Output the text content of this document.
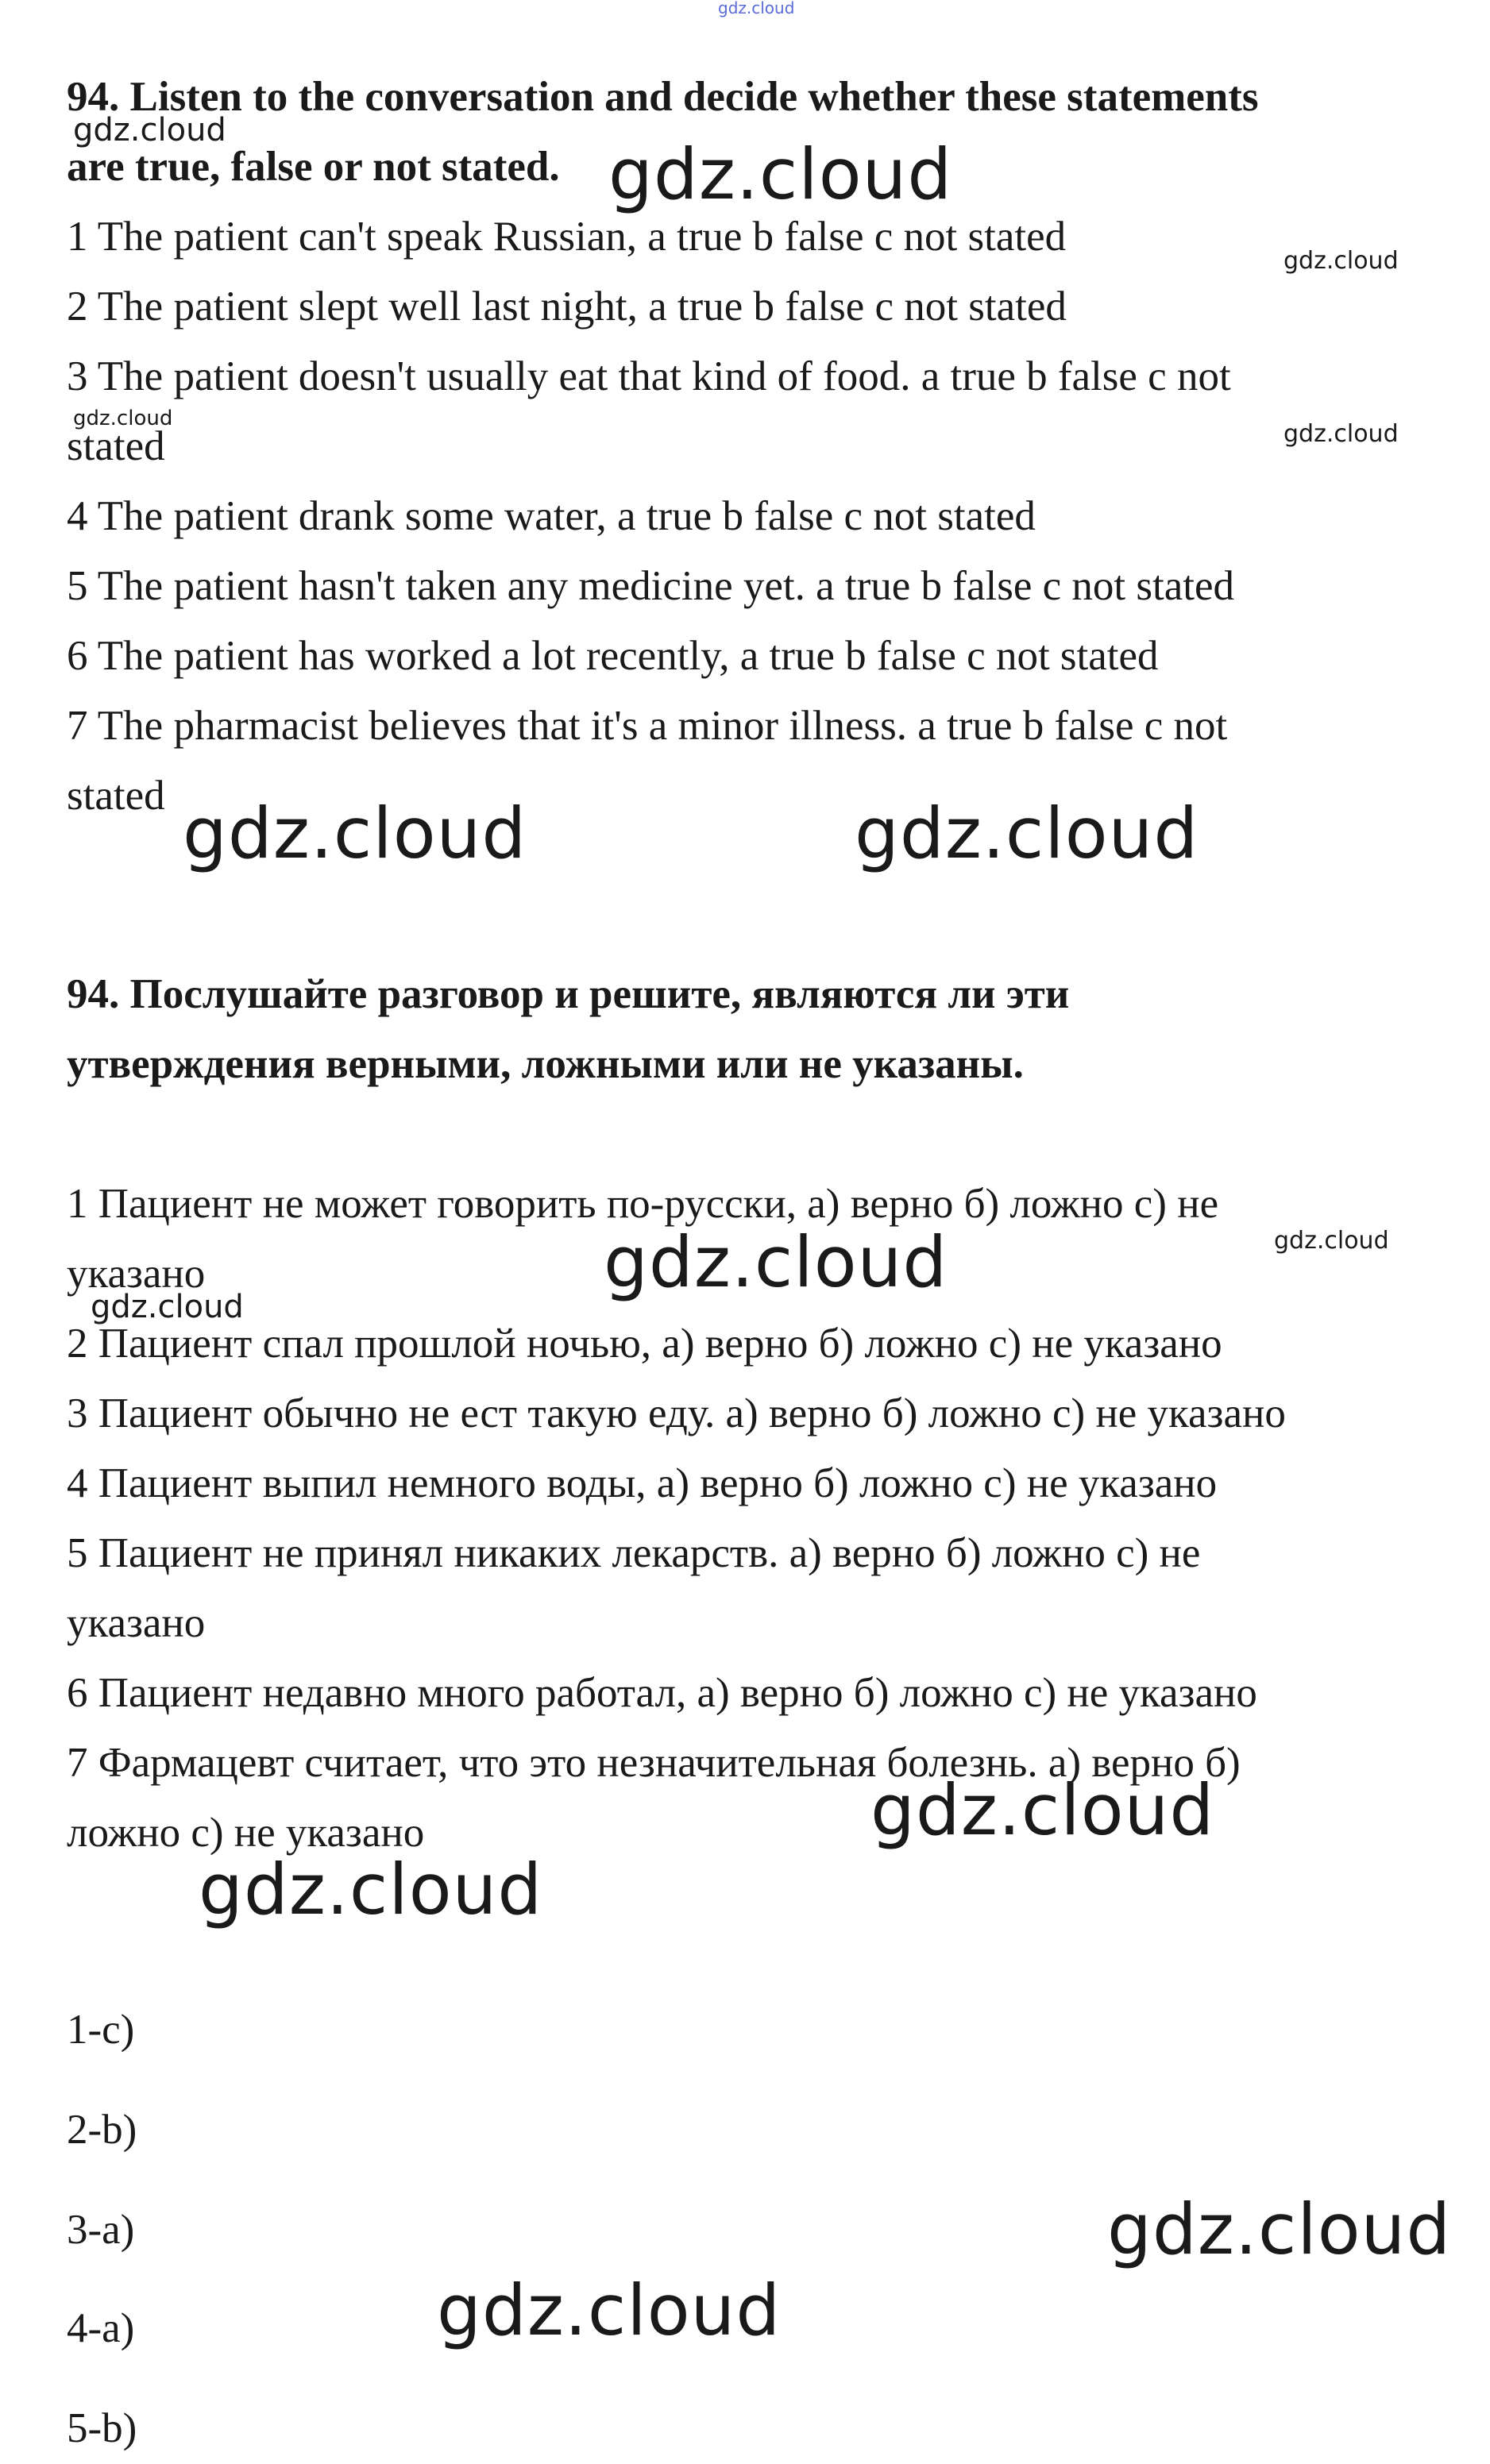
gdz.cloud
94. Listen to the conversation and decide whether these statements
are true, false or not stated.
1 The patient can't speak Russian, a true b false c not stated
2 The patient slept well last night, a true b false c not stated
3 The patient doesn't usually eat that kind of food. a true b false c not
stated
4 The patient drank some water, a true b false c not stated
5 The patient hasn't taken any medicine yet. a true b false c not stated
6 The patient has worked a lot recently, a true b false c not stated
7 The pharmacist believes that it's a minor illness. a true b false c not
stated
94. Послушайте разговор и решите, являются ли эти
утверждения верными, ложными или не указаны.
1 Пациент не может говорить по-русски, а) верно б) ложно с) не
указано
2 Пациент спал прошлой ночью, а) верно б) ложно с) не указано
3 Пациент обычно не ест такую еду. а) верно б) ложно с) не указано
4 Пациент выпил немного воды, а) верно б) ложно с) не указано
5 Пациент не принял никаких лекарств. а) верно б) ложно с) не
указано
6 Пациент недавно много работал, а) верно б) ложно с) не указано
7 Фармацевт считает, что это незначительная болезнь. а) верно б)
ложно с) не указано
1-c)
2-b)
3-a)
4-a)
5-b)
gdz.cloud
gdz.cloud
gdz.cloud
gdz.cloud
gdz.cloud
gdz.cloud	gdz.cloud
gdz.cloud	gdz.cloud
gdz.cloud
gdz.cloud
gdz.cloud
gdz.cloud
gdz.cloud
